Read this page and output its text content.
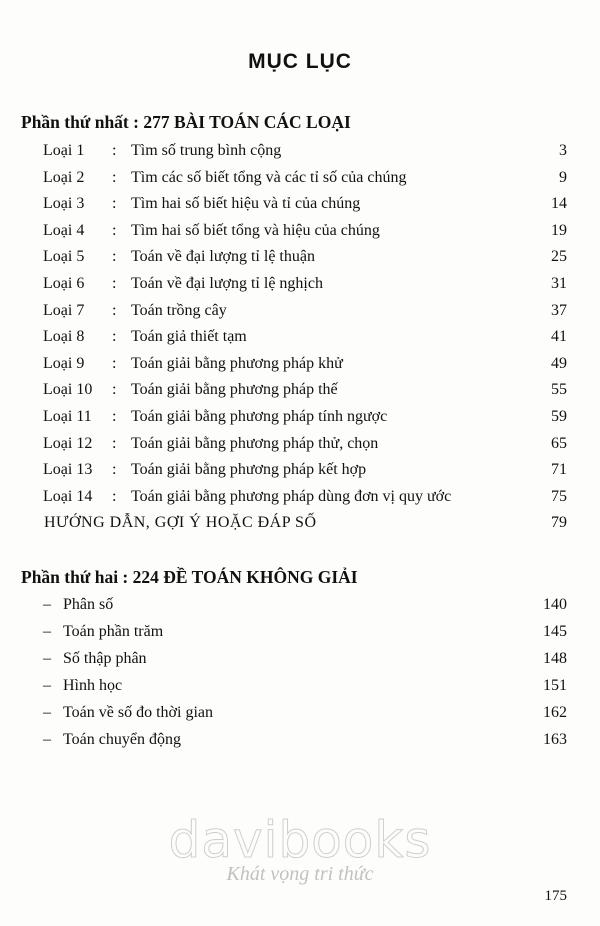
MỤC LỤC
Phần thứ nhất : 277 BÀI TOÁN CÁC LOẠI
Loại 1 : Tìm số trung bình cộng	3
Loại 2 : Tìm các số biết tổng và các tỉ số của chúng	9
Loại 3 : Tìm hai số biết hiệu và tỉ của chúng	14
Loại 4 : Tìm hai số biết tổng và hiệu của chúng	19
Loại 5 : Toán về đại lượng tỉ lệ thuận	25
Loại 6 : Toán về đại lượng tỉ lệ nghịch	31
Loại 7 : Toán trồng cây	37
Loại 8 : Toán giả thiết tạm	41
Loại 9 : Toán giải bằng phương pháp khử	49
Loại 10 : Toán giải bằng phương pháp thế	55
Loại 11 : Toán giải bằng phương pháp tính ngược	59
Loại 12 : Toán giải bằng phương pháp thử, chọn	65
Loại 13 : Toán giải bằng phương pháp kết hợp	71
Loại 14 : Toán giải bằng phương pháp dùng đơn vị quy ước	75
HƯỚNG DẪN, GỢI Ý HOẶC ĐÁP SỐ	79
Phần thứ hai : 224 ĐỀ TOÁN KHÔNG GIẢI
– Phân số	140
– Toán phần trăm	145
– Số thập phân	148
– Hình học	151
– Toán về số đo thời gian	162
– Toán chuyển động	163
davibooks
Khát vọng tri thức
175
